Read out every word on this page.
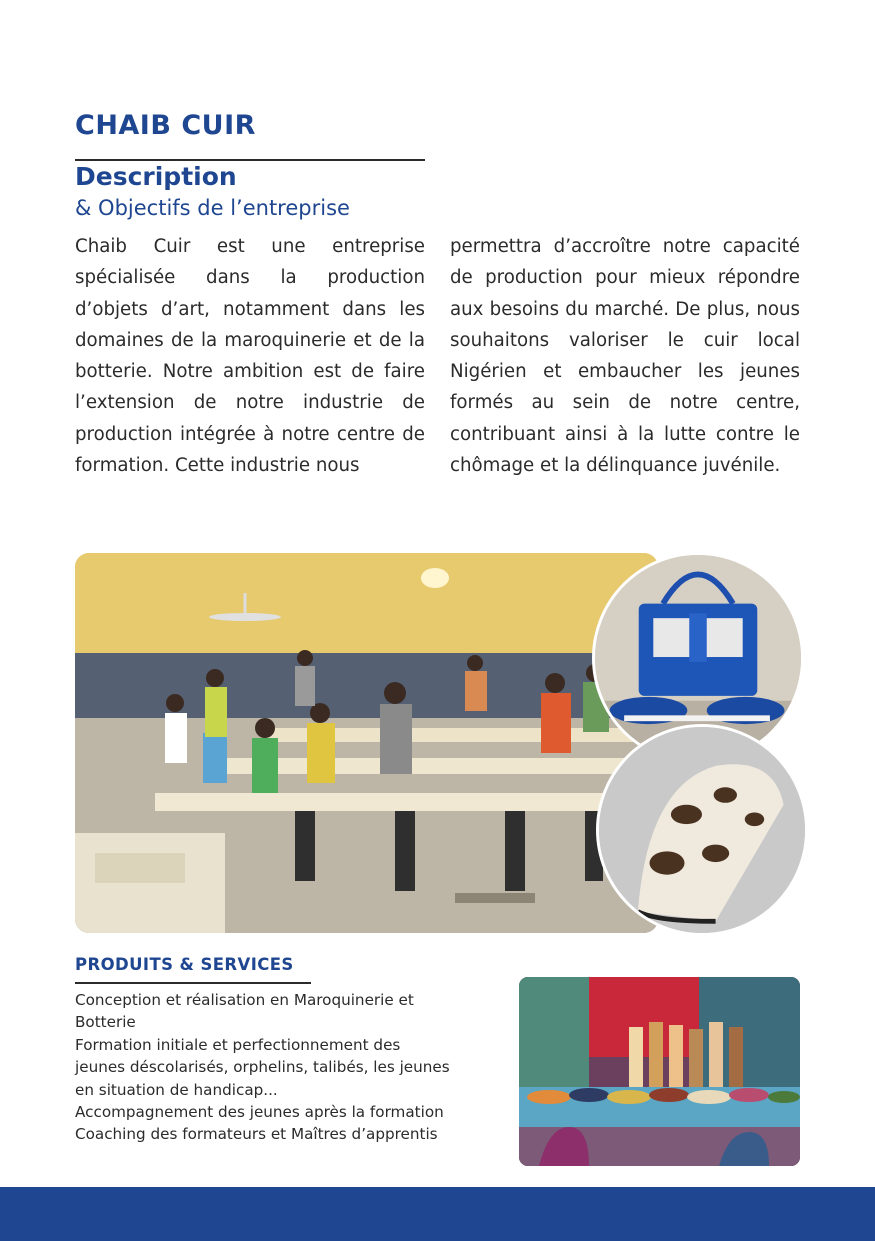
CHAIB CUIR
Description
& Objectifs de l’entreprise

Chaib Cuir est une entreprise spécialisée dans la production d’objets d’art, notamment dans les domaines de la maroquinerie et de la botterie. Notre ambition est de faire l’extension de notre industrie de production intégrée à notre centre de formation. Cette industrie nous

permettra d’accroître notre capacité de production pour mieux répondre aux besoins du marché. De plus, nous souhaitons valoriser le cuir local Nigérien et embaucher les jeunes formés au sein de notre centre, contribuant ainsi à la lutte contre le chômage et la délinquance juvénile.

PRODUITS & SERVICES
Conception et réalisation en Maroquinerie et Botterie
Formation initiale et perfectionnement des jeunes déscolarisés, orphelins, talibés, les jeunes en situation de handicap...
Accompagnement des jeunes après la formation
Coaching des formateurs et Maîtres d’apprentis
